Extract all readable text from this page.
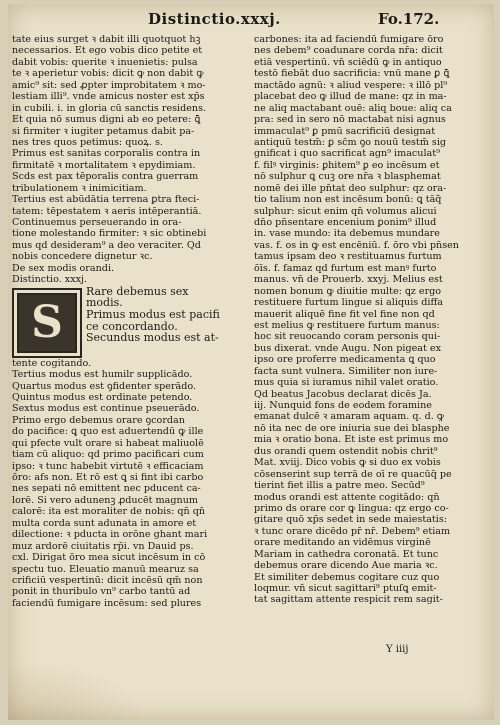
Distinctio.xxxj.	Fo.172.
tate eius surget ꝛ dabit illi quotquot hꝫ
necessarios. Et ego vobis dico petite et
dabit vobis: querite ꝛ inuenietis: pulsa
te ꝛ aperietur vobis: dicit ꝙ non dabit ꝙ
amic⁹ sit: sed ꝓpter improbitatem ꝛ mo-
lestiam illi⁹. vnde amicus noster est xp̄s
in cubili. i. in gloria cū sanctis residens.
Et quia nō sumus digni ab eo petere: ꝗ̄
si firmiter ꝛ iugiter petamus dabit pa-
nes tres quos petimus: quoꝝ. s.
Primus est sanitas corporalis contra in
firmitatē ꝛ mortalitatem ꝛ epydimiam.
Scds est pax tēporalis contra guerram
tribulationem ꝛ inimicitiam.
Tertius est abūdātia terrena ꝑtra fteci-
tatem: tēpestatem ꝛ aeris intēperantiā.
Continuemus perseuerando in ora-
tione molestando firmiter: ꝛ sic obtinebi
mus qd̄ desideram⁹ a deo veraciter. Qd̄
nobis concedere dignetur ꝛc.
De sex modis orandi.
Distinctio. xxxj.
S
Rare debemus sex
modis.
Primus modus est pacifi
ce concordando.
Secundus modus est at-
tente cogitando.
Tertius modus est humilr supplicādo.
Quartus modus est ꝯfidenter sperādo.
Quintus modus est ordinate petendo.
Sextus modus est continue pseuerādo.
Primo ergo debemus orare ꝯcordan
do pacifice: ꝗ quo est aduertendū ꝙ ille
qui pfecte vult orare si habeat maliuolē
tiam cū aliquo: qd primo pacificari cum
ipso: ꝛ tunc habebit virtutē ꝛ efficaciam
ōro: afs non. Et rō est ꝗ si fint ibi carbo
nes sepati nō emittent nec pducent ca-
lorē. Si vero adunenꝫ ꝓducēt magnum
calorē: ita est moraliter de nobis: qn̄ qn̄
multa corda sunt adunata in amore et
dilectione: ꝛ pducta in orōne ghant mari
muz ardorē ciuitatis rp̄i. vn Dauid ps.
cxl. Dirigat ōro mea sicut incēsum in cō
spectu tuo. Eleuatio manuū mearuz sa
crificiū vespertinū: dicit incēsū qm̄ non
ponit in thuribulo vn⁹ carbo tantū ad
faciendū fumigare incēsum: sed plures
carbones: ita ad faciendū fumigare ōro
nes debem⁹ coadunare corda nr̄a: dicit
etiā vespertinū. vn̄ sciēdū ꝙ in antiquo
testō fiebāt duo sacrificia: vnū mane ꝑ ꝗ̄
mactādo agnū: ꝛ aliud vespere: ꝛ illō pl⁹
placebat deo ꝙ illud de mane: qz in ma-
ne aliq mactabant ouē: aliq boue: aliq ca
pra: sed in sero nō mactabat nisi agnus
immaculat⁹ ꝑ pmū sacrificiū designat
antiquū testm̄: ꝑ sc̄m ꝯo nouū testm̄ sig
gnificat i quo sacrificat agn⁹ imaculat⁹
f. filꝰ virginis: ꝑhitem⁹ ꝑ eo incēsum et
nō sulphur ꝗ cuꝫ ore nr̄a ꝛ blasphemat
nomē dei ille pn̄tat deo sulphur: qz ora-
tio talium non est incēsum bonū: ꝗ tāq̄̄
sulphur: sicut enim qn̄ volumus alicui
dn̄o pn̄sentare encenium ꝑonim⁹ illud
in. vase mundo: ita debemus mundare
vas. f. os in ꝙ est encēniū. f. ōro vbi pn̄sen
tamus ipsam deo ꝛ restituamus furtum
ōīs. f. famaz qd̄ furtum est manꝰ furto
manus. vn̄ de Prouerb. xxyj. Melius est
nomen bonum ꝙ diuitie multe: ꝗz ergo
restituere furtum lingue si aliquis diffa
mauerit aliquē fine fit vel fine non qd̄
est melius ꝙ restituere furtum manus:
hoc sit reuocando coram personis qui-
bus dixerat. vnde Augu. Non pigeat ex
ipso ore proferre medicamenta ꝗ quo
facta sunt vulnera. Similiter non iure-
mus quia si iuramus nihil valet oratio.
Qd̄ beatus Jacobus declarat dicēs Ja.
iij. Nunquid fons de eodem foramine
emanat dulcē ꝛ amaram aquam. q. d. ꝙ
nō ita nec de ore iniuria sue dei blasphe
mia ꝛ oratio bona. Et iste est primus mo
dus orandi quem ostendit nobis chrit⁹
Mat. xviij. Dico vobis ꝙ si duo ex vobis
cōsenserint sup terrā de oī re quacūq̄ pe
tierint fiet illis a patre meo. Secūd⁹
modus orandi est attente cogitādo: qn̄
primo ds orare cor ꝙ lingua: qz ergo co-
gitare quō xp̄s sedet in sede maiestatis:
ꝛ tunc orare dicēdo pr̄ nr̄. Debem⁹ etiam
orare meditando an vidēmus virginē
Mariam in cathedra coronatā. Et tunc
debemus orare dicendo Aue maria ꝛc.
Et similiter debemus cogitare cuz quo
loqmur. vn̄ sicut sagittari⁹ ptuſꝗ emit-
tat sagittam attente respicit rem sagit-
Y iiij
